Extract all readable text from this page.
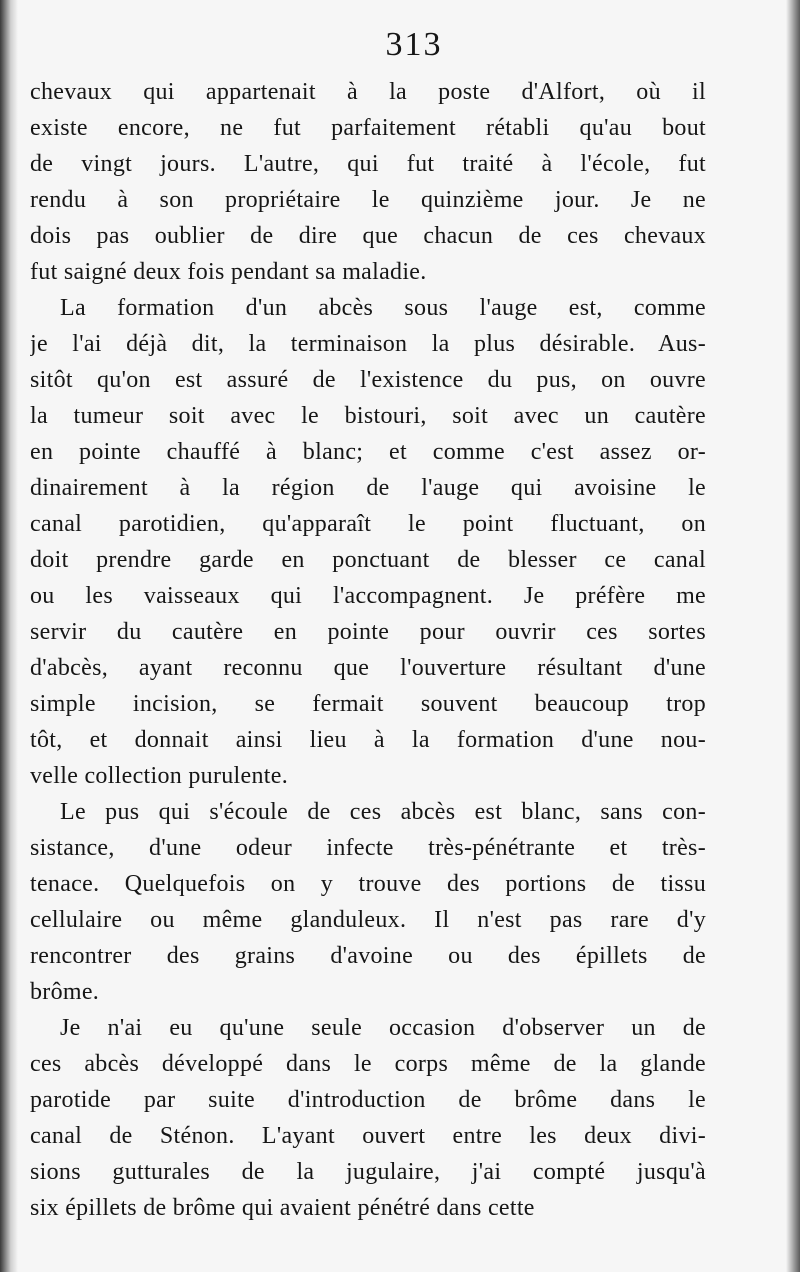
313
chevaux qui appartenait à la poste d'Alfort, où il
existe encore, ne fut parfaitement rétabli qu'au bout
de vingt jours. L'autre, qui fut traité à l'école, fut
rendu à son propriétaire le quinzième jour. Je ne
dois pas oublier de dire que chacun de ces chevaux
fut saigné deux fois pendant sa maladie.
La formation d'un abcès sous l'auge est, comme
je l'ai déjà dit, la terminaison la plus désirable. Aus-
sitôt qu'on est assuré de l'existence du pus, on ouvre
la tumeur soit avec le bistouri, soit avec un cautère
en pointe chauffé à blanc; et comme c'est assez or-
dinairement à la région de l'auge qui avoisine le
canal parotidien, qu'apparaît le point fluctuant, on
doit prendre garde en ponctuant de blesser ce canal
ou les vaisseaux qui l'accompagnent. Je préfère me
servir du cautère en pointe pour ouvrir ces sortes
d'abcès, ayant reconnu que l'ouverture résultant d'une
simple incision, se fermait souvent beaucoup trop
tôt, et donnait ainsi lieu à la formation d'une nou-
velle collection purulente.
Le pus qui s'écoule de ces abcès est blanc, sans con-
sistance, d'une odeur infecte très-pénétrante et très-
tenace. Quelquefois on y trouve des portions de tissu
cellulaire ou même glanduleux. Il n'est pas rare d'y
rencontrer des grains d'avoine ou des épillets de
brôme.
Je n'ai eu qu'une seule occasion d'observer un de
ces abcès développé dans le corps même de la glande
parotide par suite d'introduction de brôme dans le
canal de Sténon. L'ayant ouvert entre les deux divi-
sions gutturales de la jugulaire, j'ai compté jusqu'à
six épillets de brôme qui avaient pénétré dans cette
